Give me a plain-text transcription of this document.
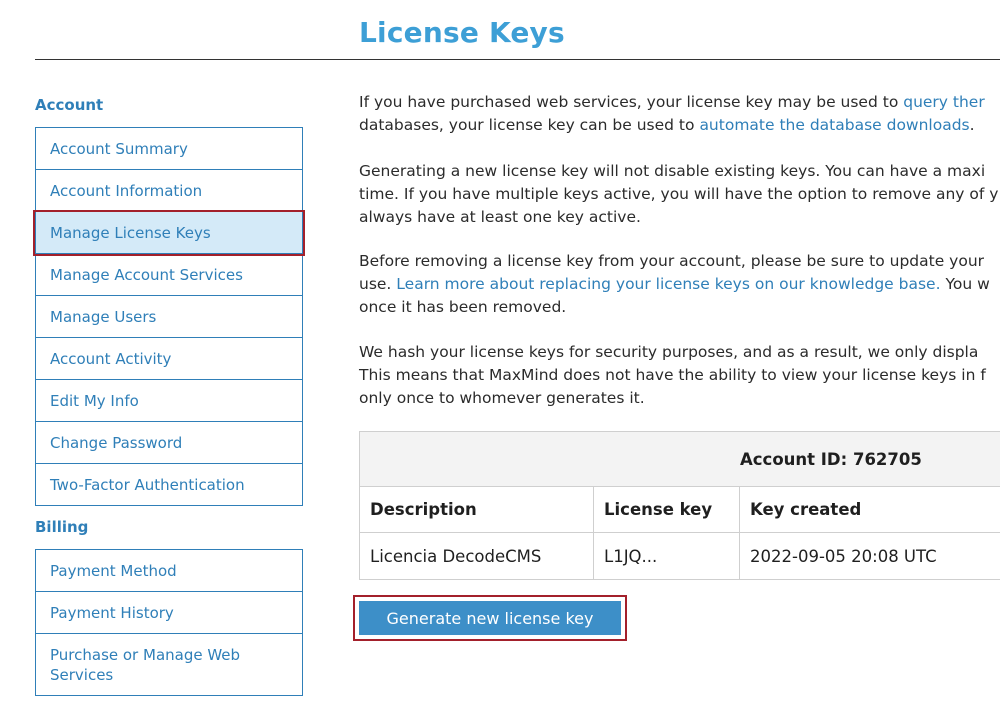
License Keys
Account
Account Summary
Account Information
Manage License Keys
Manage Account Services
Manage Users
Account Activity
Edit My Info
Change Password
Two-Factor Authentication
Billing
Payment Method
Payment History
Purchase or Manage Web Services

If you have purchased web services, your license key may be used to query ther
databases, your license key can be used to automate the database downloads.

Generating a new license key will not disable existing keys. You can have a maxi
time. If you have multiple keys active, you will have the option to remove any of y
always have at least one key active.

Before removing a license key from your account, please be sure to update your
use. Learn more about replacing your license keys on our knowledge base. You w
once it has been removed.

We hash your license keys for security purposes, and as a result, we only displa
This means that MaxMind does not have the ability to view your license keys in f
only once to whomever generates it.

Account ID: 762705		
Description	License key	Key created
Licencia DecodeCMS	L1JQ...	2022-09-05 20:08 UTC
Generate new license key
